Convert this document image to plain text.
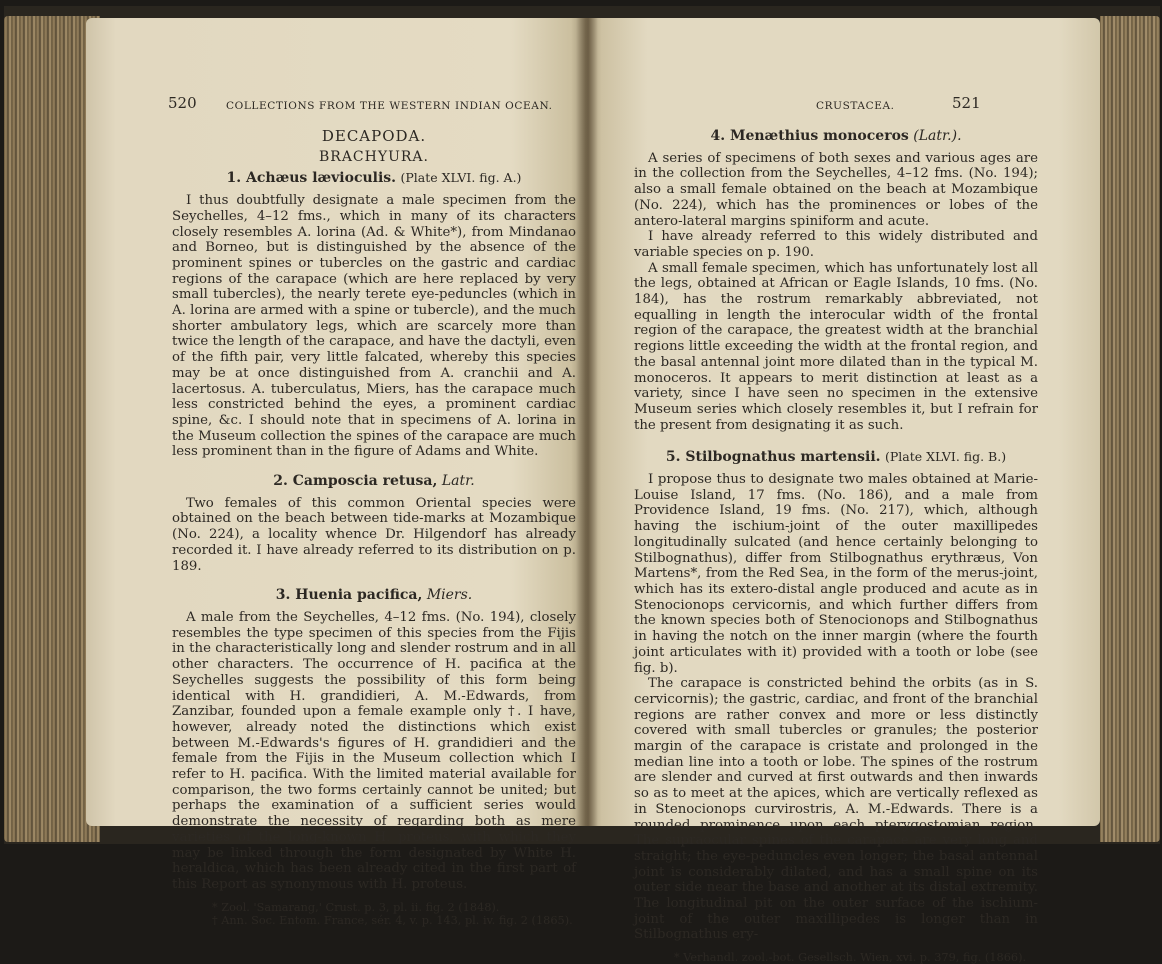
520	COLLECTIONS FROM THE WESTERN INDIAN OCEAN.
DECAPODA.
BRACHYURA.
1. Achæus lævioculis. (Plate XLVI. fig. A.)

I thus doubtfully designate a male specimen from the Seychelles, 4–12 fms., which in many of its characters closely resembles A. lorina (Ad. & White*), from Mindanao and Borneo, but is distinguished by the absence of the prominent spines or tubercles on the gastric and cardiac regions of the carapace (which are here replaced by very small tubercles), the nearly terete eye-peduncles (which in A. lorina are armed with a spine or tubercle), and the much shorter ambulatory legs, which are scarcely more than twice the length of the carapace, and have the dactyli, even of the fifth pair, very little falcated, whereby this species may be at once distinguished from A. cranchii and A. lacertosus. A. tuberculatus, Miers, has the carapace much less constricted behind the eyes, a prominent cardiac spine, &c. I should note that in specimens of A. lorina in the Museum collection the spines of the carapace are much less prominent than in the figure of Adams and White.

2. Camposcia retusa, Latr.

Two females of this common Oriental species were obtained on the beach between tide-marks at Mozambique (No. 224), a locality whence Dr. Hilgendorf has already recorded it. I have already referred to its distribution on p. 189.

3. Huenia pacifica, Miers.

A male from the Seychelles, 4–12 fms. (No. 194), closely resembles the type specimen of this species from the Fijis in the characteristically long and slender rostrum and in all other characters. The occurrence of H. pacifica at the Seychelles suggests the possibility of this form being identical with H. grandidieri, A. M.-Edwards, from Zanzibar, founded upon a female example only †. I have, however, already noted the distinctions which exist between M.-Edwards's figures of H. grandidieri and the female from the Fijis in the Museum collection which I refer to H. pacifica. With the limited material available for comparison, the two forms certainly cannot be united; but perhaps the examination of a sufficient series would demonstrate the necessity of regarding both as mere varieties of the long-known H. proteus, with which they may be linked through the form designated by White H. heraldica, which has been already cited in the first part of this Report as synonymous with H. proteus.

* Zool. 'Samarang,' Crust. p. 3, pl. ii. fig. 2 (1848).
† Ann. Soc. Entom. France, sér. 4, v. p. 143, pl. iv. fig. 2 (1865).
CRUSTACEA.	521
4. Menæthius monoceros (Latr.).

A series of specimens of both sexes and various ages are in the collection from the Seychelles, 4–12 fms. (No. 194); also a small female obtained on the beach at Mozambique (No. 224), which has the prominences or lobes of the antero-lateral margins spiniform and acute.

I have already referred to this widely distributed and variable species on p. 190.

A small female specimen, which has unfortunately lost all the legs, obtained at African or Eagle Islands, 10 fms. (No. 184), has the rostrum remarkably abbreviated, not equalling in length the interocular width of the frontal region of the carapace, the greatest width at the branchial regions little exceeding the width at the frontal region, and the basal antennal joint more dilated than in the typical M. monoceros. It appears to merit distinction at least as a variety, since I have seen no specimen in the extensive Museum series which closely resembles it, but I refrain for the present from designating it as such.

5. Stilbognathus martensii. (Plate XLVI. fig. B.)

I propose thus to designate two males obtained at Marie-Louise Island, 17 fms. (No. 186), and a male from Providence Island, 19 fms. (No. 217), which, although having the ischium-joint of the outer maxillipedes longitudinally sulcated (and hence certainly belonging to Stilbognathus), differ from Stilbognathus erythræus, Von Martens*, from the Red Sea, in the form of the merus-joint, which has its extero-distal angle produced and acute as in Stenocionops cervicornis, and which further differs from the known species both of Stenocionops and Stilbognathus in having the notch on the inner margin (where the fourth joint articulates with it) provided with a tooth or lobe (see fig. b).

The carapace is constricted behind the orbits (as in S. cervicornis); the gastric, cardiac, and front of the branchial regions are rather convex and more or less distinctly covered with small tubercles or granules; the posterior margin of the carapace is cristate and prolonged in the median line into a tooth or lobe. The spines of the rostrum are slender and curved at first outwards and then inwards so as to meet at the apices, which are vertically reflexed as in Stenocionops curvirostris, A. M.-Edwards. There is a rounded prominence upon each pterygostomian region. The supraocular spines of the carapace are very long and straight; the eye-peduncles even longer; the basal antennal joint is considerably dilated, and has a small spine on its outer side near the base and another at its distal extremity. The longitudinal pit on the outer surface of the ischium-joint of the outer maxillipedes is longer than in Stilbognathus ery-

* Verhandl. zool.-bot. Gesellsch. Wien, xvi. p. 379, fig. (1866).
